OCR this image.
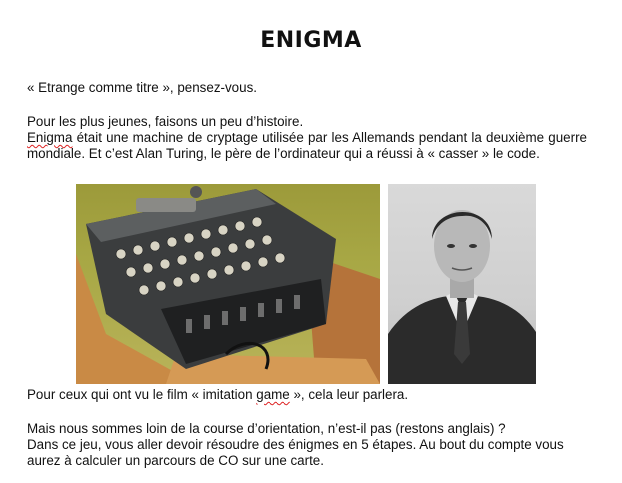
ENIGMA
« Etrange comme titre », pensez-vous.
Pour les plus jeunes, faisons un peu d’histoire.
Enigma était une machine de cryptage utilisée par les Allemands pendant la deuxième guerre mondiale. Et c’est Alan Turing, le père de l’ordinateur qui a réussi à « casser » le code.
Pour ceux qui ont vu le film « imitation game », cela leur parlera.
Mais nous sommes loin de la course d’orientation, n’est-il pas (restons anglais) ?
Dans ce jeu, vous aller devoir résoudre des énigmes en 5 étapes. Au bout du compte vous aurez à calculer un parcours de CO sur une carte.
